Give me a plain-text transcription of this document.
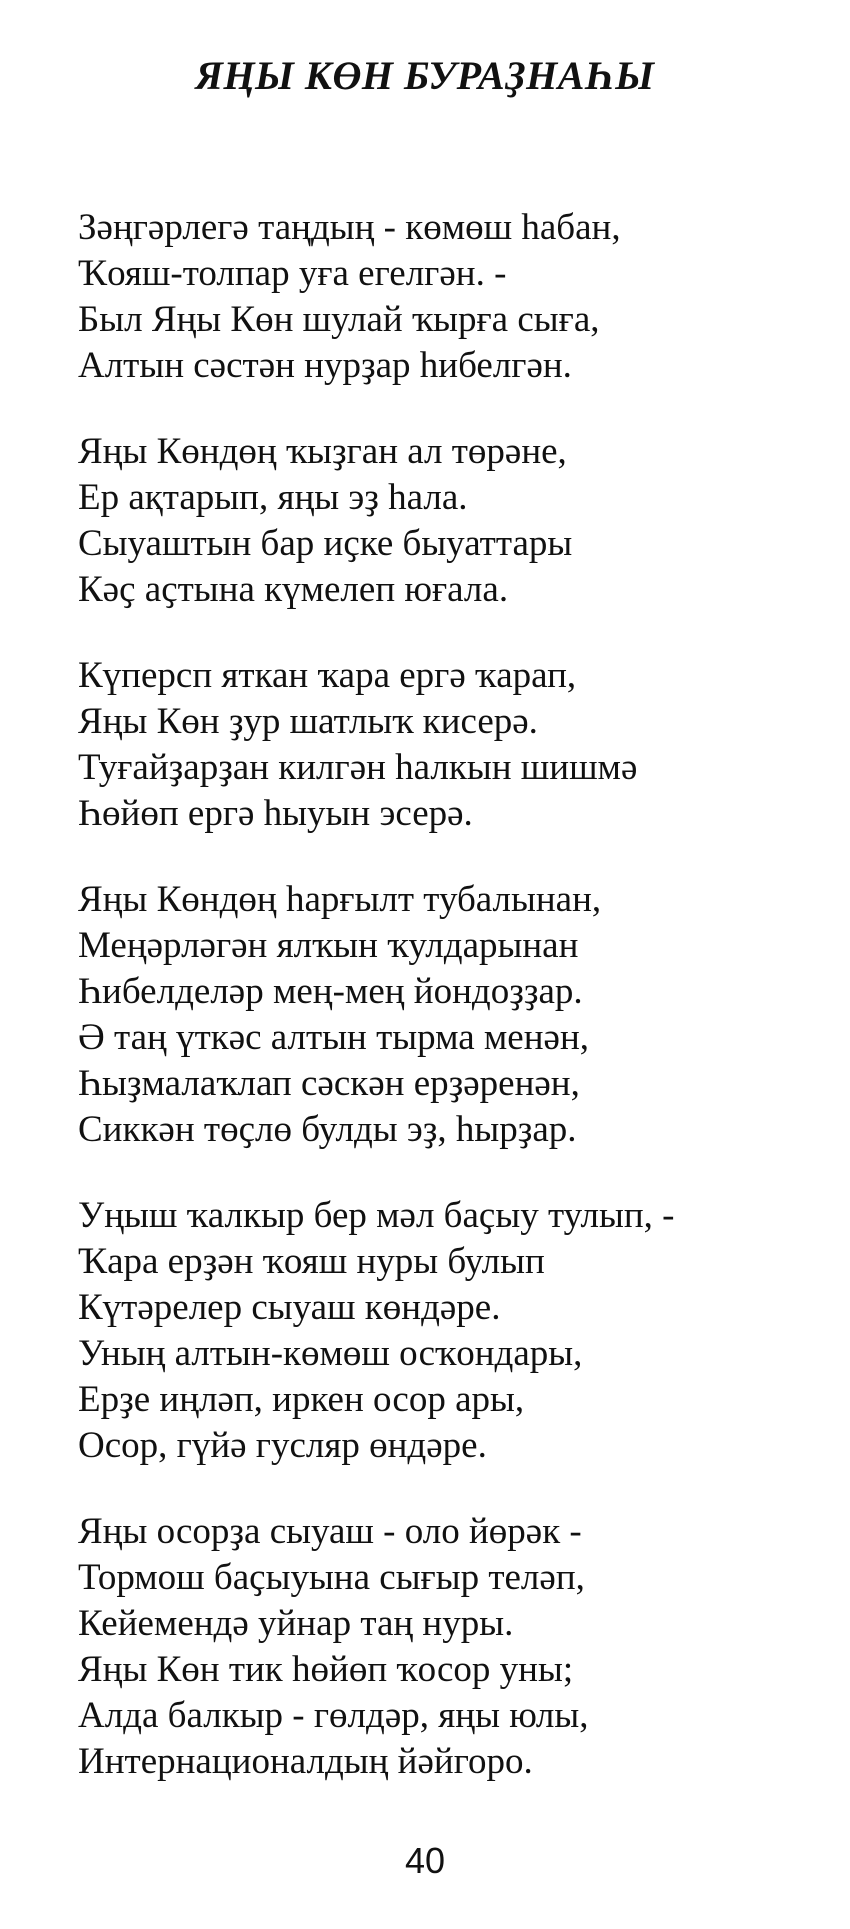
ЯҢЫ КӨН БУРАҘНАҺЫ
Зәңгәрлегә таңдың - көмөш һабан,
Ҡояш-толпар уға егелгән. -
Был Яңы Көн шулай ҡырға сыға,
Алтын сәстән нурҙар һибелгән.
Яңы Көндөң ҡыҙган ал төрәне,
Ер ақтарып, яңы эҙ һала.
Сыуаштын бар иҫке быуаттары
Кәҫ аҫтына күмелеп юғала.
Күперсп яткан ҡара ергә ҡарап,
Яңы Көн ҙур шатлыҡ кисерә.
Туғайҙарҙан килгән һалкын шишмә
Һөйөп ергә һыуын эсерә.
Яңы Көндөң һарғылт тубалынан,
Меңәрләгән ялҡын ҡулдарынан
Һибелделәр мең-мең йондоҙҙар.
Ә таң үткәс алтын тырма менән,
Һыҙмалаҡлап сәскән ерҙәренән,
Сиккән төҫлө булды эҙ, һырҙар.
Уңыш ҡалкыр бер мәл баҫыу тулып, -
Ҡара ерҙән ҡояш нуры булып
Күтәрелер сыуаш көндәре.
Уның алтын-көмөш осҡондары,
Ерҙе иңләп, иркен осор ары,
Осор, гүйә гусляр өндәре.
Яңы осорҙа сыуаш - оло йөрәк -
Тормош баҫыуына сығыр теләп,
Кейемендә уйнар таң нуры.
Яңы Көн тик һөйөп ҡосор уны;
Алда балкыр - гөлдәр, яңы юлы,
Интернационалдың йәйгоро.
40
